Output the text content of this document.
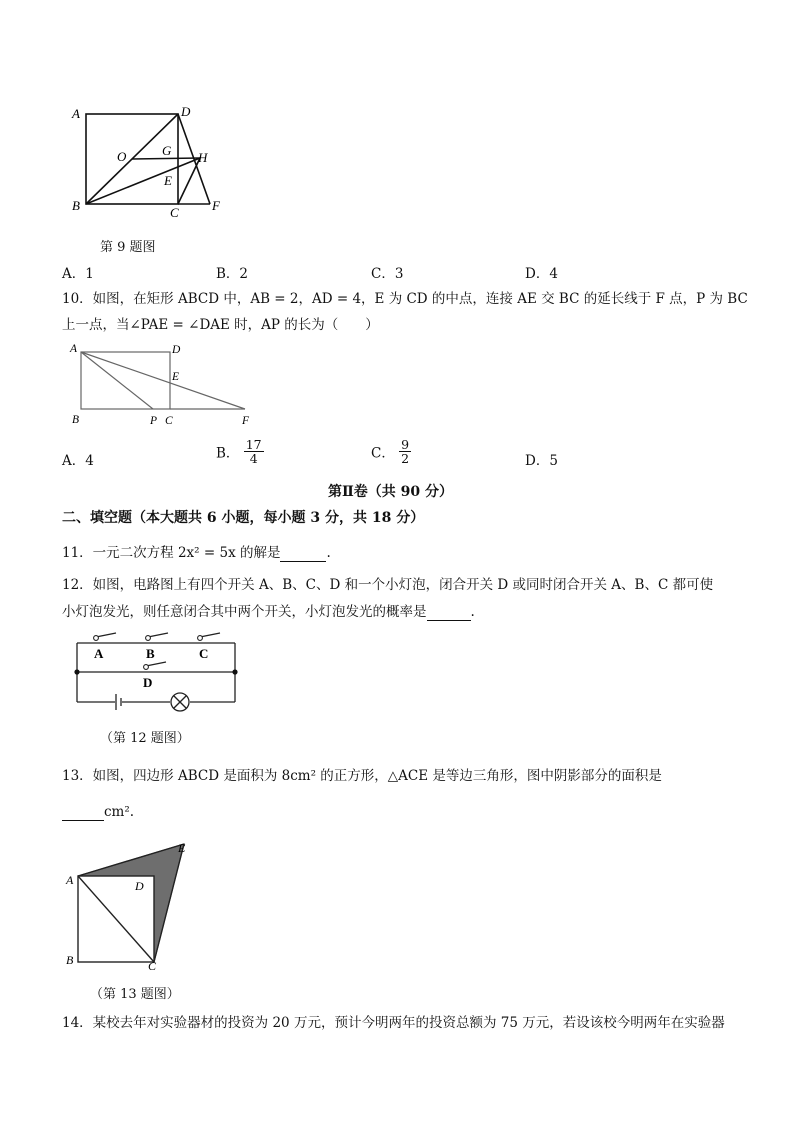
A	D
O	G H
E
B	C	F
第 9 题图
A．1	B．2	C．3	D．4
10．如图，在矩形 ABCD 中，AB = 2，AD = 4，E 为 CD 的中点，连接 AE 交 BC 的延长线于 F 点，P 为 BC
上一点，当∠PAE = ∠DAE 时，AP 的长为（　　）
A	D
E
B	P C	F
A．4	B． $\frac{17}{4}$	C． $\frac{9}{2}$	D．5
第Ⅱ卷（共 90 分）
二、填空题（本大题共 6 小题，每小题 3 分，共 18 分）
11．一元二次方程 2x² = 5x 的解是	.
12．如图，电路图上有四个开关 A、B、C、D 和一个小灯泡，闭合开关 D 或同时闭合开关 A、B、C 都可使
小灯泡发光，则任意闭合其中两个开关，小灯泡发光的概率是	.
A	B	C
D
（第 12 题图）
13．如图，四边形 ABCD 是面积为 8cm² 的正方形，△ACE 是等边三角形，图中阴影部分的面积是
cm².
A	D
E
B	C
（第 13 题图）
14．某校去年对实验器材的投资为 20 万元，预计今明两年的投资总额为 75 万元，若设该校今明两年在实验器
